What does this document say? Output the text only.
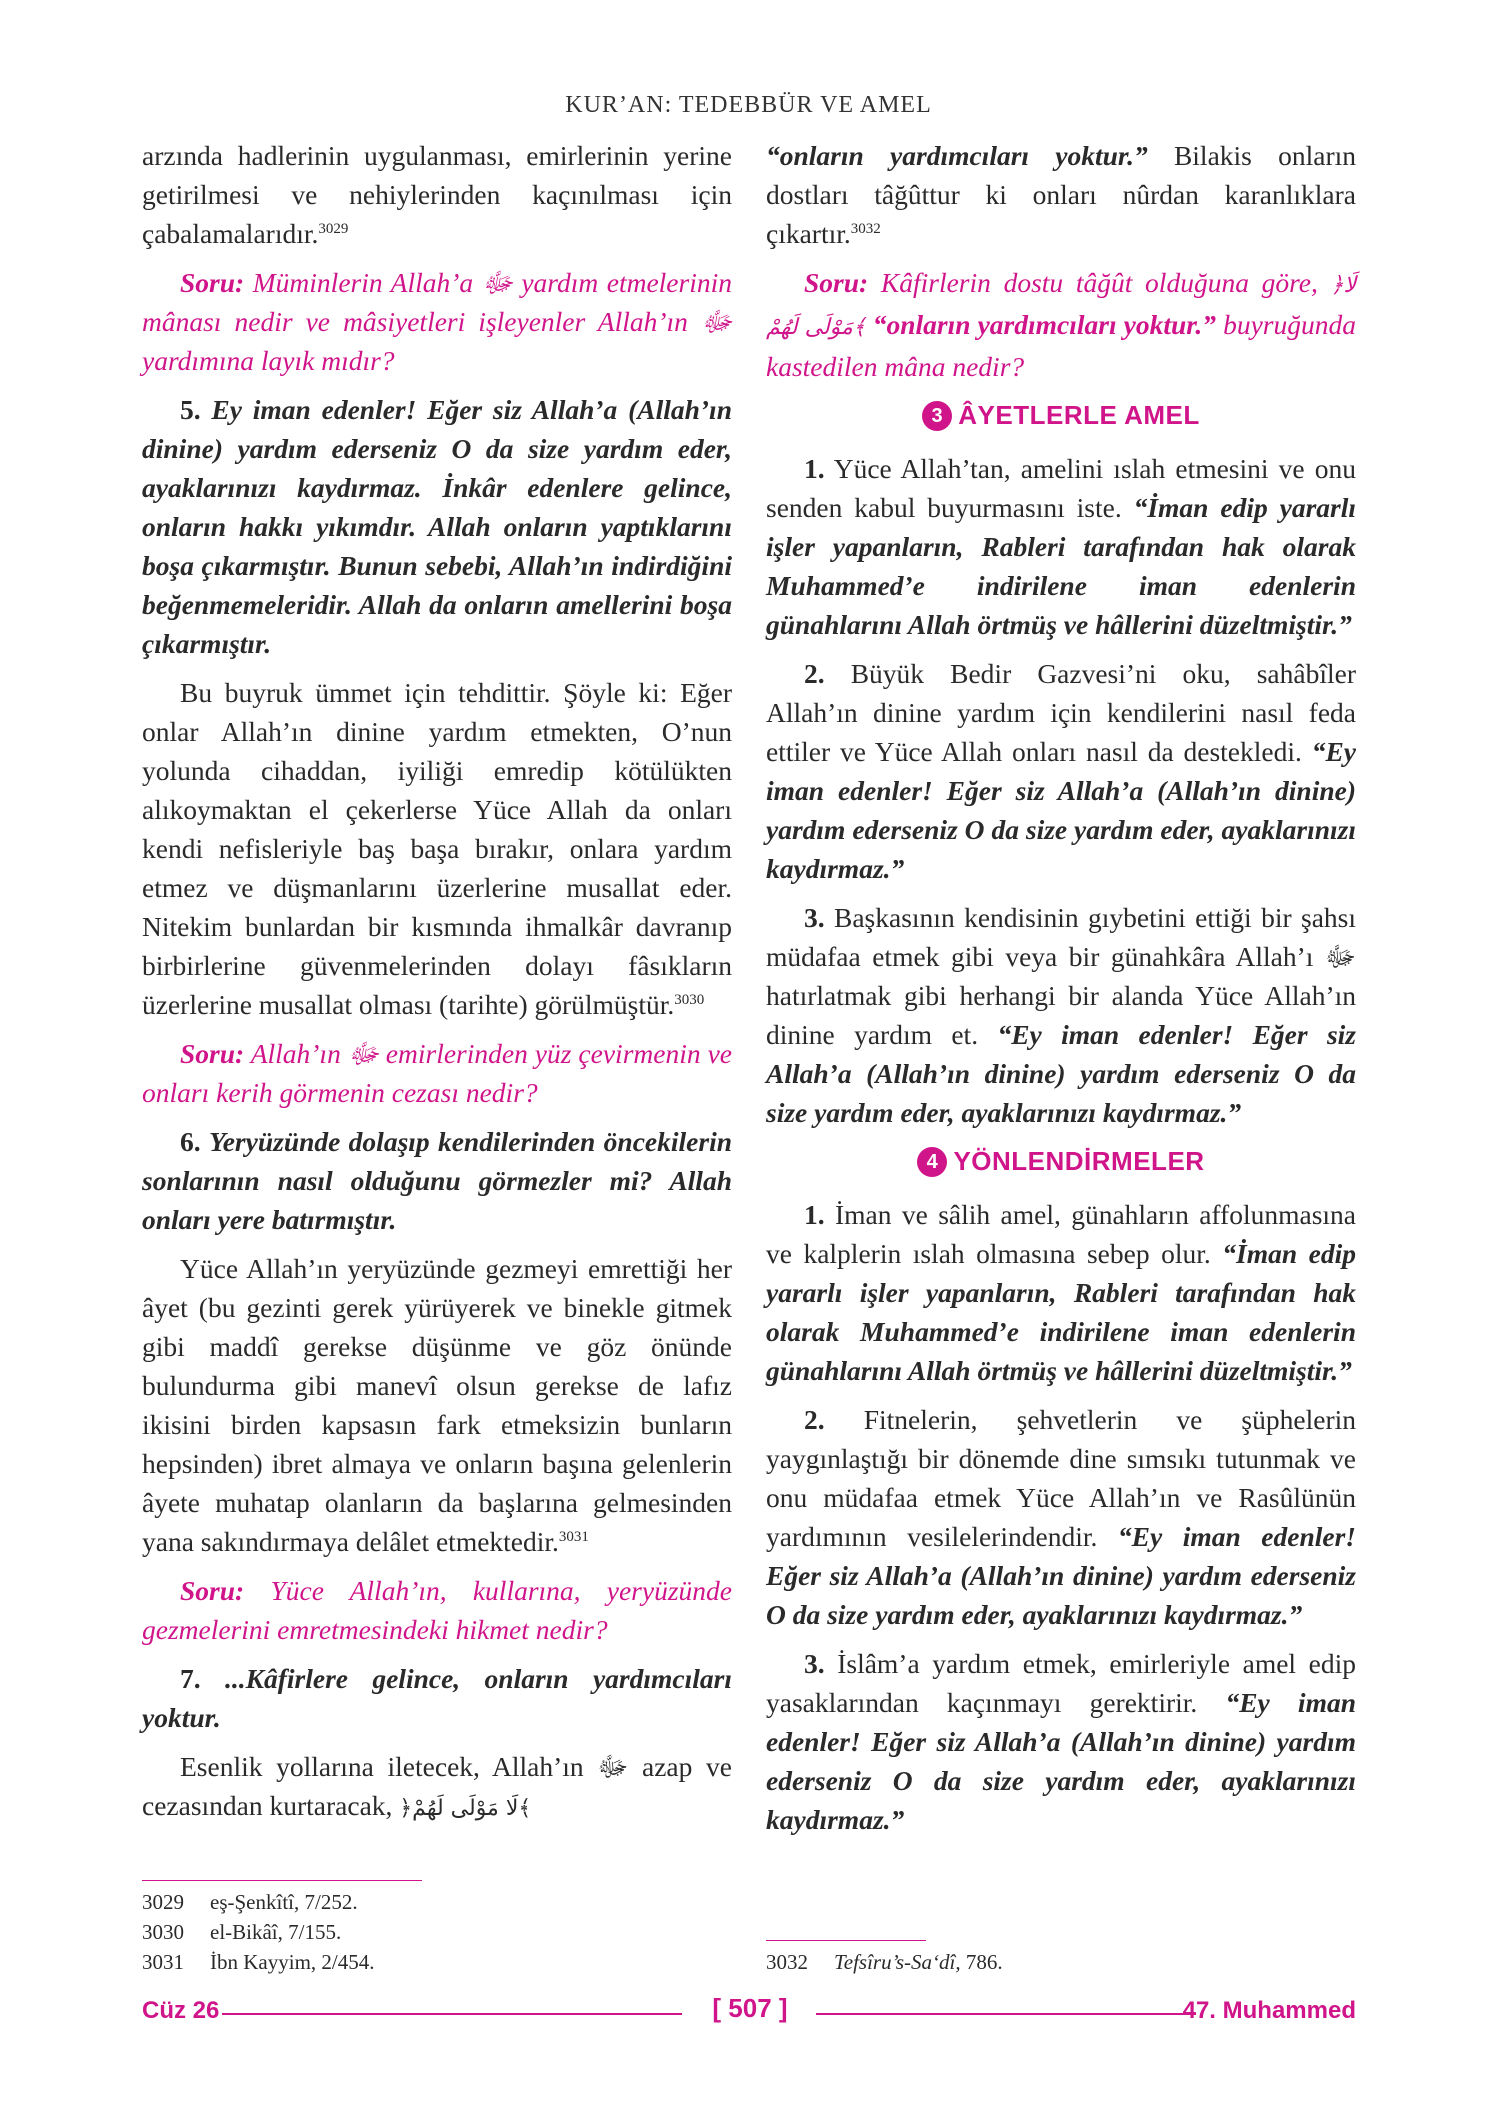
KUR’AN: TEDEBBÜR VE AMEL

arzında hadlerinin uygulanması, emirlerinin yerine getirilmesi ve nehiylerinden kaçınılması için çabalamalarıdır.$^{3029}$

Soru: Müminlerin Allah’a ﷻ yardım etmelerinin mânası nedir ve mâsiyetleri işleyenler Allah’ın ﷻ yardımına layık mıdır?

5. Ey iman edenler! Eğer siz Allah’a (Allah’ın dinine) yardım ederseniz O da size yardım eder, ayaklarınızı kaydırmaz. İnkâr edenlere gelince, onların hakkı yıkımdır. Allah onların yaptıklarını boşa çıkarmıştır. Bunun sebebi, Allah’ın indirdiğini beğenmemeleridir. Allah da onların amellerini boşa çıkarmıştır.

Bu buyruk ümmet için tehdittir. Şöyle ki: Eğer onlar Allah’ın dinine yardım etmekten, O’nun yolunda cihaddan, iyiliği emredip kötülükten alıkoymaktan el çekerlerse Yüce Allah da onları kendi nefisleriyle baş başa bırakır, onlara yardım etmez ve düşmanlarını üzerlerine musallat eder. Nitekim bunlardan bir kısmında ihmalkâr davranıp birbirlerine güvenmelerinden dolayı fâsıkların üzerlerine musallat olması (tarihte) görülmüştür.$^{3030}$

Soru: Allah’ın ﷻ emirlerinden yüz çevirmenin ve onları kerih görmenin cezası nedir?

6. Yeryüzünde dolaşıp kendilerinden öncekilerin sonlarının nasıl olduğunu görmezler mi? Allah onları yere batırmıştır.

Yüce Allah’ın yeryüzünde gezmeyi emrettiği her âyet (bu gezinti gerek yürüyerek ve binekle gitmek gibi maddî gerekse düşünme ve göz önünde bulundurma gibi manevî olsun gerekse de lafız ikisini birden kapsasın fark etmeksizin bunların hepsinden) ibret almaya ve onların başına gelenlerin âyete muhatap olanların da başlarına gelmesinden yana sakındırmaya delâlet etmektedir.$^{3031}$

Soru: Yüce Allah’ın, kullarına, yeryüzünde gezmelerini emretmesindeki hikmet nedir?

7. ...Kâfirlere gelince, onların yardımcıları yoktur.

Esenlik yollarına iletecek, Allah’ın ﷻ azap ve cezasından kurtaracak, ﴿لَا مَوْلَى لَهُمْ﴾

“onların yardımcıları yoktur.” Bilakis onların dostları tâğûttur ki onları nûrdan karanlıklara çıkartır.$^{3032}$

Soru: Kâfirlerin dostu tâğût olduğuna göre, ﴿لَا مَوْلَى لَهُمْ﴾ “onların yardımcıları yoktur.” buyruğunda kastedilen mâna nedir?

3 ÂYETLERLE AMEL

1. Yüce Allah’tan, amelini ıslah etmesini ve onu senden kabul buyurmasını iste. “İman edip yararlı işler yapanların, Rableri tarafından hak olarak Muhammed’e indirilene iman edenlerin günahlarını Allah örtmüş ve hâllerini düzeltmiştir.”

2. Büyük Bedir Gazvesi’ni oku, sahâbîler Allah’ın dinine yardım için kendilerini nasıl feda ettiler ve Yüce Allah onları nasıl da destekledi. “Ey iman edenler! Eğer siz Allah’a (Allah’ın dinine) yardım ederseniz O da size yardım eder, ayaklarınızı kaydırmaz.”

3. Başkasının kendisinin gıybetini ettiği bir şahsı müdafaa etmek gibi veya bir günahkâra Allah’ı ﷻ hatırlatmak gibi herhangi bir alanda Yüce Allah’ın dinine yardım et. “Ey iman edenler! Eğer siz Allah’a (Allah’ın dinine) yardım ederseniz O da size yardım eder, ayaklarınızı kaydırmaz.”

4 YÖNLENDİRMELER

1. İman ve sâlih amel, günahların affolunmasına ve kalplerin ıslah olmasına sebep olur. “İman edip yararlı işler yapanların, Rableri tarafından hak olarak Muhammed’e indirilene iman edenlerin günahlarını Allah örtmüş ve hâllerini düzeltmiştir.”

2. Fitnelerin, şehvetlerin ve şüphelerin yaygınlaştığı bir dönemde dine sımsıkı tutunmak ve onu müdafaa etmek Yüce Allah’ın ve Rasûlünün yardımının vesilelerindendir. “Ey iman edenler! Eğer siz Allah’a (Allah’ın dinine) yardım ederseniz O da size yardım eder, ayaklarınızı kaydırmaz.”

3. İslâm’a yardım etmek, emirleriyle amel edip yasaklarından kaçınmayı gerektirir. “Ey iman edenler! Eğer siz Allah’a (Allah’ın dinine) yardım ederseniz O da size yardım eder, ayaklarınızı kaydırmaz.”

3029	eş-Şenkîtî, 7/252.
3030	el-Bikâî, 7/155.
3031	İbn Kayyim, 2/454.	3032	Tefsîru’s-Sa‘dî, 786.
Cüz 26	[ 507 ]	47. Muhammed
